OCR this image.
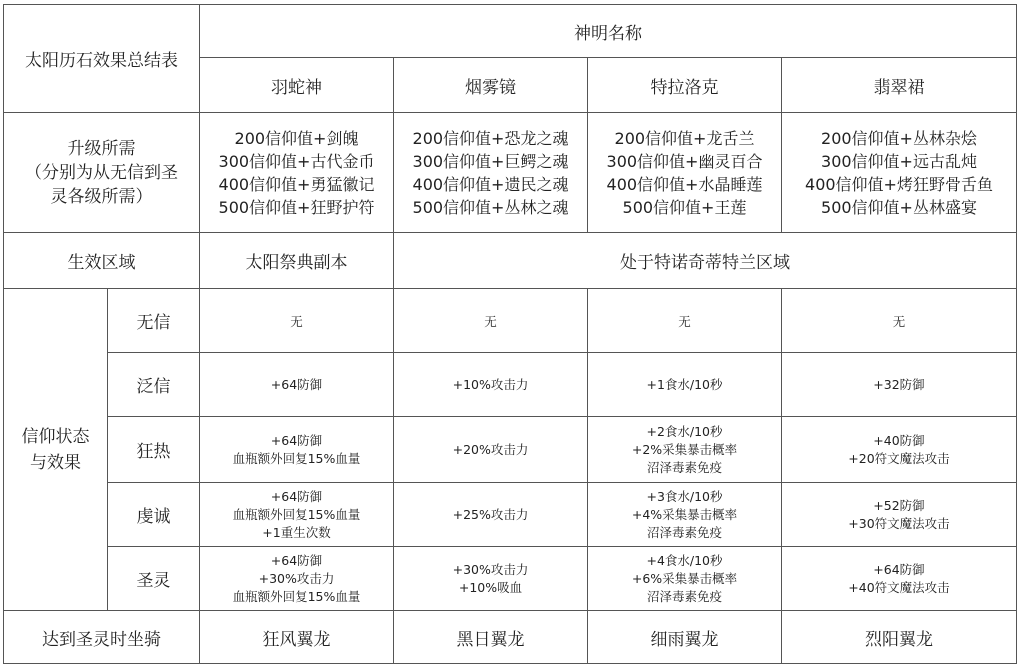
太阳历石效果总结表		神明名称			
		羽蛇神	烟雾镜	特拉洛克	翡翠裙

升级所需
（分别为从无信到圣
灵各级所需）		200信仰值+剑魄
300信仰值+古代金币
400信仰值+勇猛徽记
500信仰值+狂野护符	200信仰值+恐龙之魂
300信仰值+巨鳄之魂
400信仰值+遗民之魂
500信仰值+丛林之魂	200信仰值+龙舌兰
300信仰值+幽灵百合
400信仰值+水晶睡莲
500信仰值+王莲	200信仰值+丛林杂烩
300信仰值+远古乱炖
400信仰值+烤狂野骨舌鱼
500信仰值+丛林盛宴

生效区域		太阳祭典副本	处于特诺奇蒂特兰区域		

信仰状态
与效果	无信	无	无	无	无
	泛信	+64防御	+10%攻击力	+1食水/10秒	+32防御

	狂热	+64防御
血瓶额外回复15%血量	+20%攻击力	+2食水/10秒
+2%采集暴击概率
沼泽毒素免疫	+40防御
+20符文魔法攻击

	虔诚	+64防御
血瓶额外回复15%血量
+1重生次数	+25%攻击力	+3食水/10秒
+4%采集暴击概率
沼泽毒素免疫	+52防御
+30符文魔法攻击

	圣灵	+64防御
+30%攻击力
血瓶额外回复15%血量	+30%攻击力
+10%吸血	+4食水/10秒
+6%采集暴击概率
沼泽毒素免疫	+64防御
+40符文魔法攻击

达到圣灵时坐骑		狂风翼龙	黑日翼龙	细雨翼龙	烈阳翼龙
